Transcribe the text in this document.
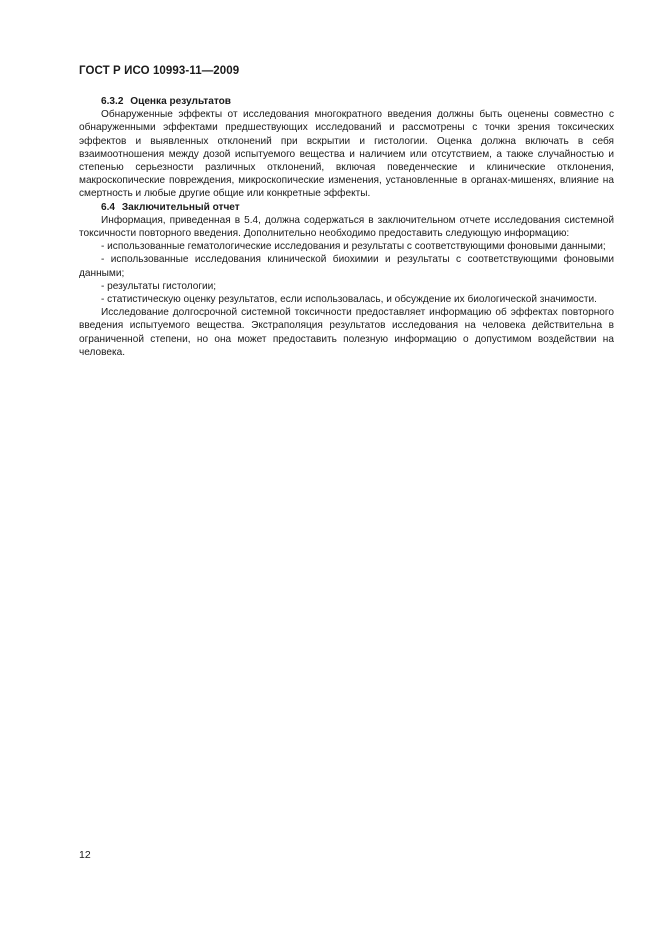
ГОСТ Р ИСО 10993-11—2009
6.3.2 Оценка результатов

Обнаруженные эффекты от исследования многократного введения должны быть оценены совместно с обнаруженными эффектами предшествующих исследований и рассмотрены с точки зрения токсических эффектов и выявленных отклонений при вскрытии и гистологии. Оценка должна включать в себя взаимоотношения между дозой испытуемого вещества и наличием или отсутствием, а также случайностью и степенью серьезности различных отклонений, включая поведенческие и клинические отклонения, макроскопические повреждения, микроскопические изменения, установленные в органах-мишенях, влияние на смертность и любые другие общие или конкретные эффекты.

6.4 Заключительный отчет

Информация, приведенная в 5.4, должна содержаться в заключительном отчете исследования системной токсичности повторного введения. Дополнительно необходимо предоставить следующую информацию:

- использованные гематологические исследования и результаты с соответствующими фоновыми данными;

- использованные исследования клинической биохимии и результаты с соответствующими фоновыми данными;

- результаты гистологии;

- статистическую оценку результатов, если использовалась, и обсуждение их биологической значимости.

Исследование долгосрочной системной токсичности предоставляет информацию об эффектах повторного введения испытуемого вещества. Экстраполяция результатов исследования на человека действительна в ограниченной степени, но она может предоставить полезную информацию о допустимом воздействии на человека.

12
